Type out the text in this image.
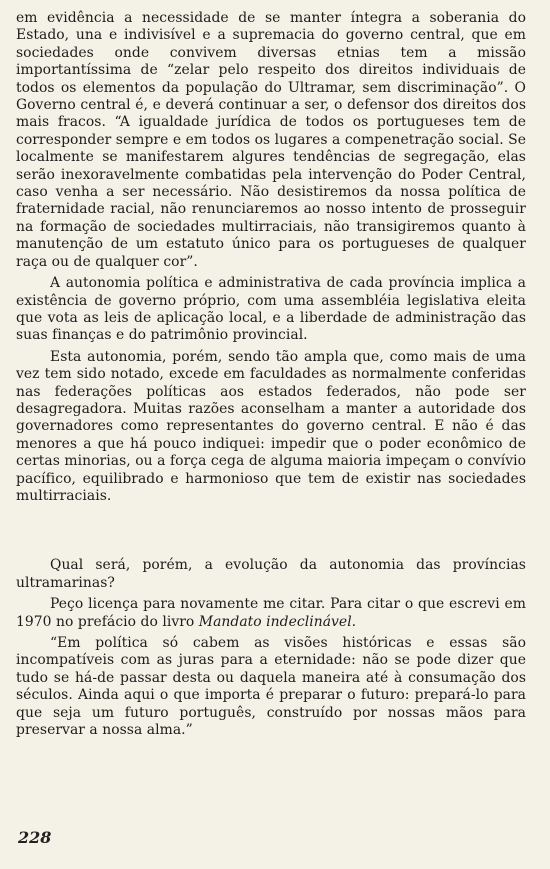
em evidência a necessidade de se manter íntegra a soberania do Estado, una e indivisível e a supremacia do governo central, que em sociedades onde convivem diversas etnias tem a missão importantíssima de “zelar pelo respeito dos direitos individuais de todos os elementos da população do Ultramar, sem discriminação”. O Governo central é, e deverá continuar a ser, o defensor dos direitos dos mais fracos. “A igualdade jurídica de todos os portugueses tem de corresponder sempre e em todos os lugares a compenetração social. Se localmente se manifestarem algures tendências de segregação, elas serão inexoravelmente combatidas pela intervenção do Poder Central, caso venha a ser necessário. Não desistiremos da nossa política de fraternidade racial, não renunciaremos ao nosso intento de prosseguir na formação de sociedades multirraciais, não transigiremos quanto à manutenção de um estatuto único para os portugueses de qualquer raça ou de qualquer cor”.

A autonomia política e administrativa de cada província implica a existência de governo próprio, com uma assembléia legislativa eleita que vota as leis de aplicação local, e a liberdade de administração das suas finanças e do patrimônio provincial.

Esta autonomia, porém, sendo tão ampla que, como mais de uma vez tem sido notado, excede em faculdades as normalmente conferidas nas federações políticas aos estados federados, não pode ser desagregadora. Muitas razões aconselham a manter a autoridade dos governadores como representantes do governo central. E não é das menores a que há pouco indiquei: impedir que o poder econômico de certas minorias, ou a força cega de alguma maioria impeçam o convívio pacífico, equilibrado e harmonioso que tem de existir nas sociedades multirraciais.

Qual será, porém, a evolução da autonomia das províncias ultramarinas?

Peço licença para novamente me citar. Para citar o que escrevi em 1970 no prefácio do livro Mandato indeclinável.

“Em política só cabem as visões históricas e essas são incompatíveis com as juras para a eternidade: não se pode dizer que tudo se há-de passar desta ou daquela maneira até à consumação dos séculos. Ainda aqui o que importa é preparar o futuro: prepará-lo para que seja um futuro português, construído por nossas mãos para preservar a nossa alma.”

228
